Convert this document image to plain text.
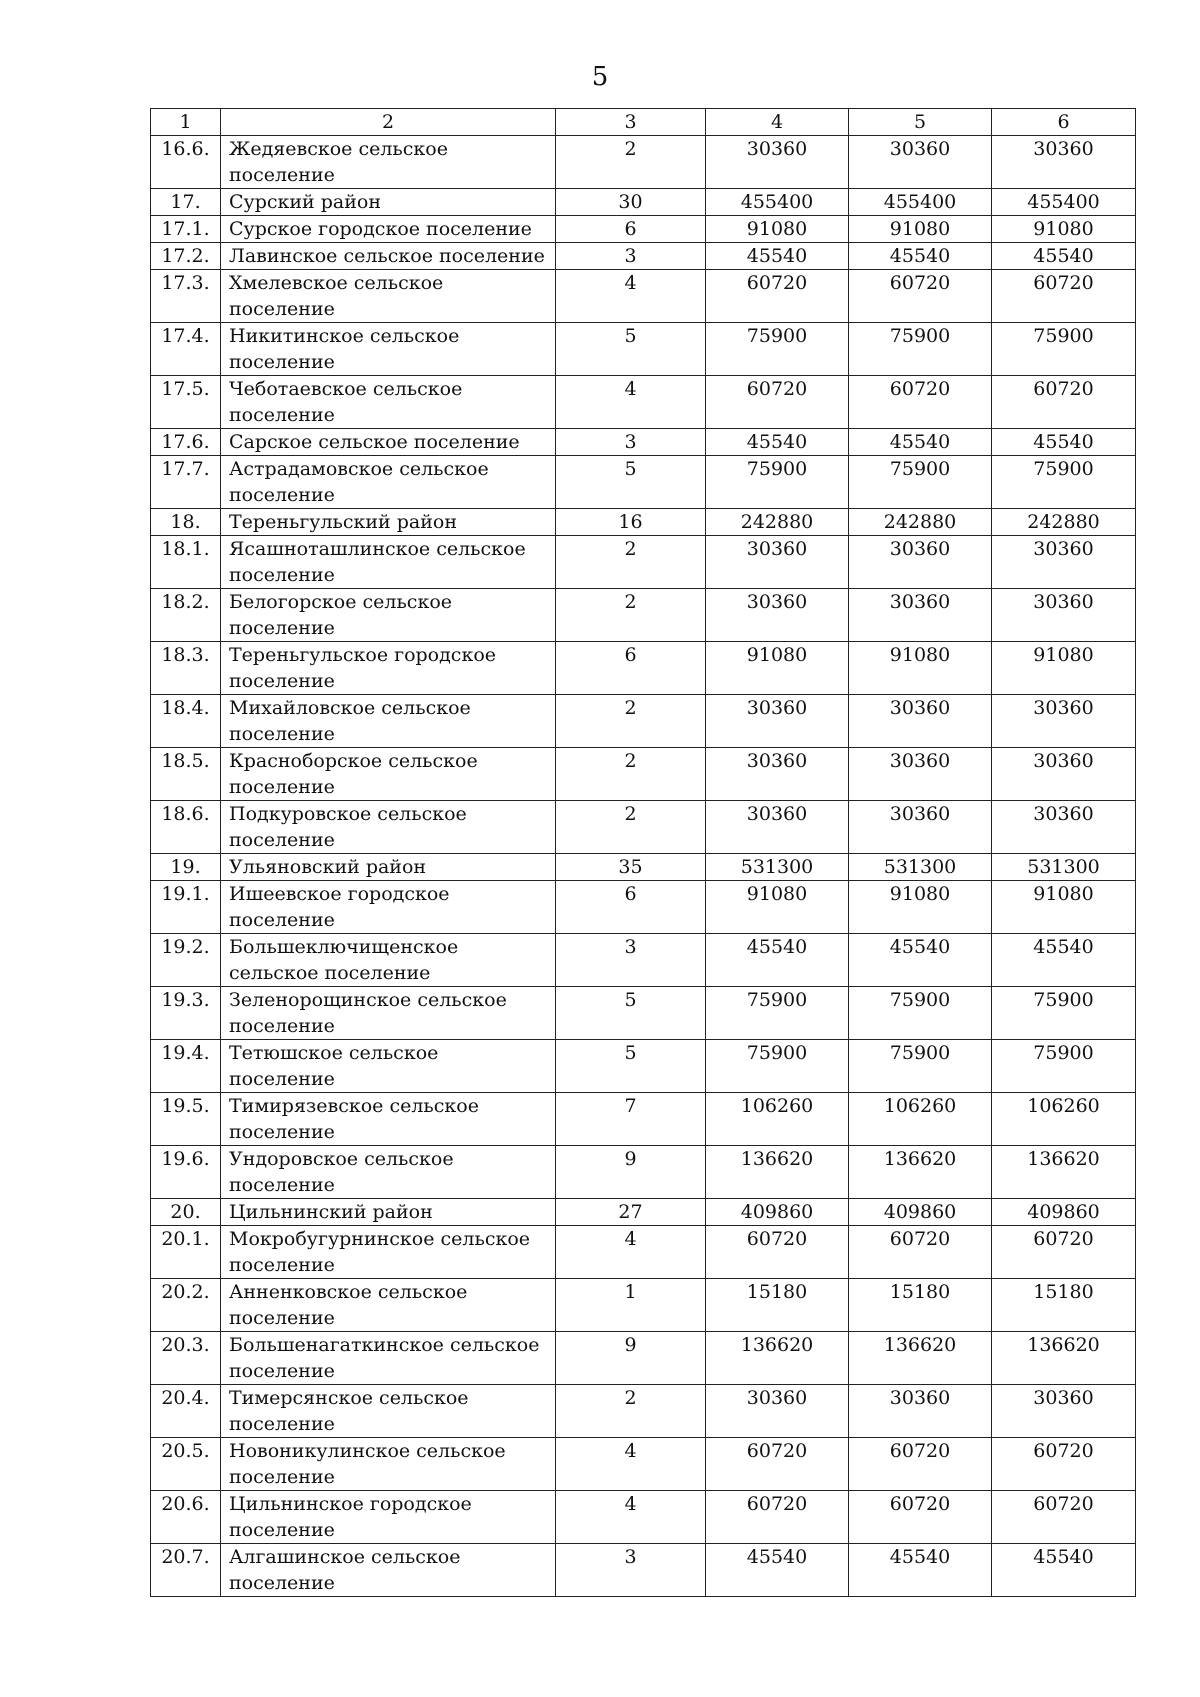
5
1	2	3	4	5	6
16.6.	Жедяевское сельское поселение	2	30360	30360	30360
17.	Сурский район	30	455400	455400	455400
17.1.	Сурское городское поселение	6	91080	91080	91080
17.2.	Лавинское сельское поселение	3	45540	45540	45540
17.3.	Хмелевское сельское поселение	4	60720	60720	60720
17.4.	Никитинское сельское поселение	5	75900	75900	75900
17.5.	Чеботаевское сельское поселение	4	60720	60720	60720
17.6.	Сарское сельское поселение	3	45540	45540	45540
17.7.	Астрадамовское сельское поселение	5	75900	75900	75900
18.	Тереньгульский район	16	242880	242880	242880
18.1.	Ясашноташлинское сельское поселение	2	30360	30360	30360
18.2.	Белогорское сельское поселение	2	30360	30360	30360
18.3.	Тереньгульское городское поселение	6	91080	91080	91080
18.4.	Михайловское сельское поселение	2	30360	30360	30360
18.5.	Красноборское сельское поселение	2	30360	30360	30360
18.6.	Подкуровское сельское поселение	2	30360	30360	30360
19.	Ульяновский район	35	531300	531300	531300
19.1.	Ишеевское городское поселение	6	91080	91080	91080
19.2.	Большеключищенское сельское поселение	3	45540	45540	45540
19.3.	Зеленорощинское сельское поселение	5	75900	75900	75900
19.4.	Тетюшское сельское поселение	5	75900	75900	75900
19.5.	Тимирязевское сельское поселение	7	106260	106260	106260
19.6.	Ундоровское сельское поселение	9	136620	136620	136620
20.	Цильнинский район	27	409860	409860	409860
20.1.	Мокробугурнинское сельское поселение	4	60720	60720	60720
20.2.	Анненковское сельское поселение	1	15180	15180	15180
20.3.	Большенагаткинское сельское поселение	9	136620	136620	136620
20.4.	Тимерсянское сельское поселение	2	30360	30360	30360
20.5.	Новоникулинское сельское поселение	4	60720	60720	60720
20.6.	Цильнинское городское поселение	4	60720	60720	60720
20.7.	Алгашинское сельское поселение	3	45540	45540	45540
